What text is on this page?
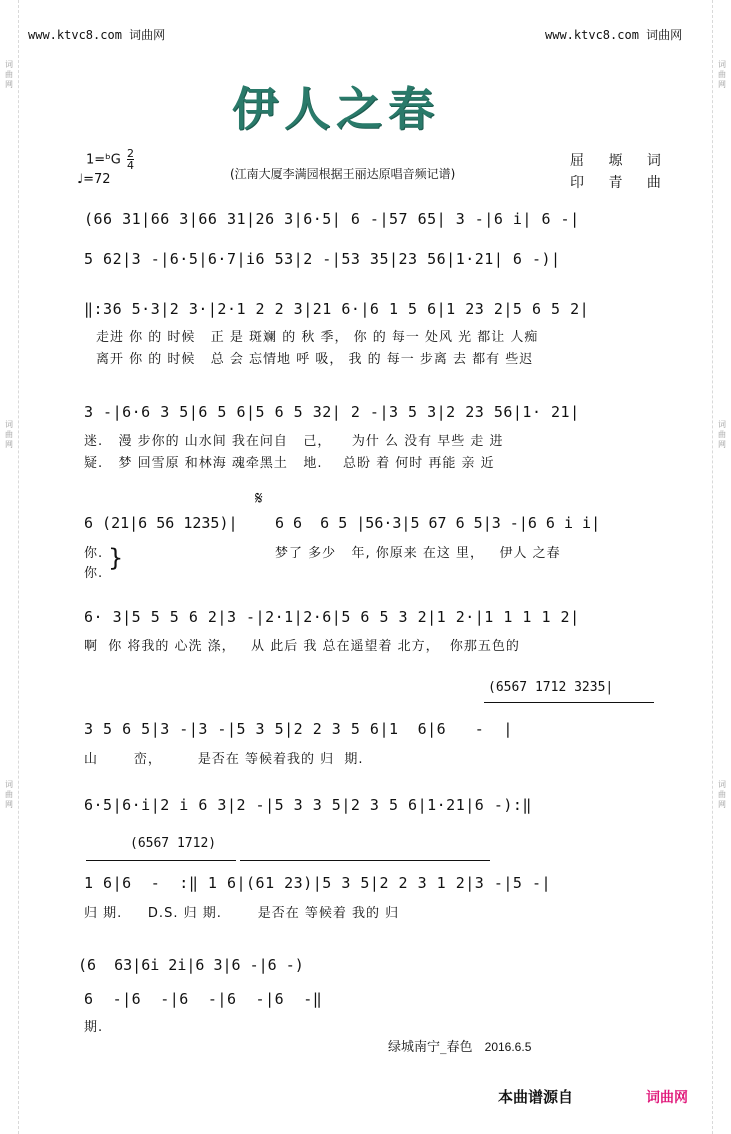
词
曲
网
词
曲
网
词
曲
网
词
曲
网
词
曲
网
词
曲
网
www.ktvc8.com 词曲网	www.ktvc8.com 词曲网
伊人之春
1=ᵇG $\frac{2}{4}$
♩=72	(江南大厦李满园根据王丽达原唱音频记谱)
屈 塬 词
印 青 曲
(66 31|66 3|66 31|26 3|6·5| 6 -|57 65| 3 -|6 i| 6 -|
5 62|3 -|6·5|6·7|i6 53|2 -|53 35|23 56|1·21| 6 -)|
‖:36 5·3|2 3·|2·1 2 2 3|21 6·|6 1 5 6|1 23 2|5 6 5 2|
走进 你 的 时候   正 是 斑斓 的 秋 季， 你 的 每一 处风 光 都让 人痴
离开 你 的 时候   总 会 忘情地 呼 吸， 我 的 每一 步离 去 都有 些迟
3 -|6·6 3 5|6 5 6|5 6 5 32| 2 -|3 5 3|2 23 56|1· 21|
迷.   漫 步你的 山水间 我在问自   己，    为什 么 没有 早些 走 进
疑.   梦 回雪原 和林海 魂牵黑土   地.    总盼 着 何时 再能 亲 近
6 (21|6 56 1235)|
𝄋
6 6  6 5 |56·3|5 67 6 5|3 -|6 6 i i|
你.
你.
}	梦了 多少   年, 你原来 在这 里，   伊人 之春
6· 3|5 5 5 6 2|3 -|2·1|2·6|5 6 5 3 2|1 2·|1 1 1 1 2|
啊  你 将我的 心洗 涤，   从 此后 我 总在遥望着 北方，  你那五色的
(6567 1712 3235|
3 5 6 5|3 -|3 -|5 3 5|2 2 3 5 6|1  6|6   -  |
山       峦，       是否在 等候着我的 归  期.
6·5|6·i|2 i 6 3|2 -|5 3 3 5|2 3 5 6|1·21|6 -):‖
(6567 1712)
1 6|6  -  :‖ 1 6|(61 23)|5 3 5|2 2 3 1 2|3 -|5 -|
归 期.     D.S. 归 期.       是否在 等候着 我的 归
(6  63|6i 2i|6 3|6 -|6 -)
6  -|6  -|6  -|6  -|6  -‖
期.
绿城南宁_春色 2016.6.5
本曲谱源自	词曲网
